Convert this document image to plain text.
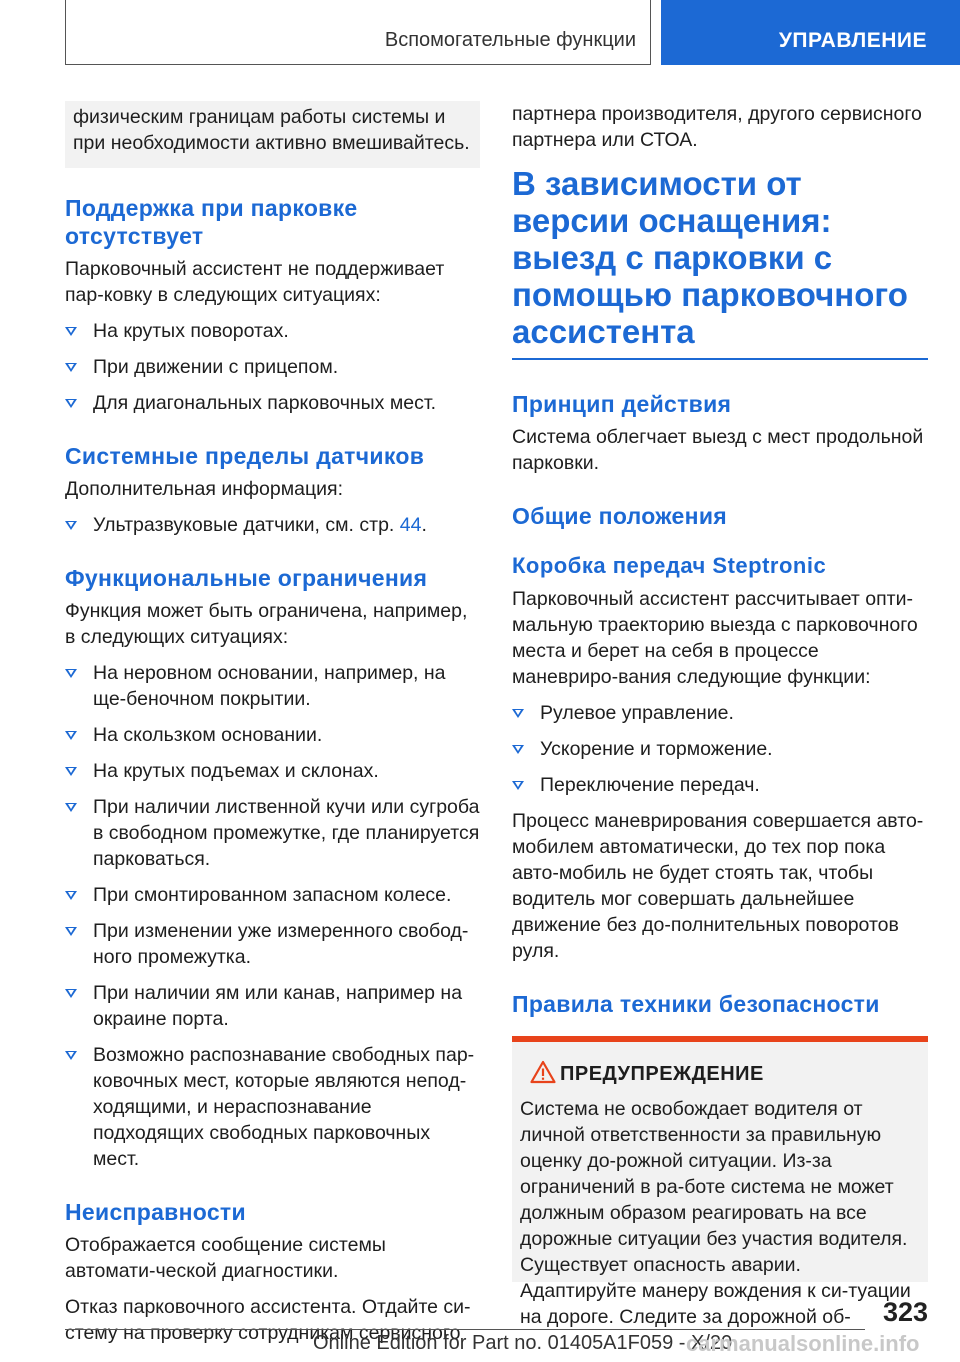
Вспомогательные функции	УПРАВЛЕНИЕ

физическим границам работы системы и при необходимости активно вмешивайтесь.

Поддержка при парковке отсутствует

Парковочный ассистент не поддерживает пар-ковку в следующих ситуациях:

На крутых поворотах.
При движении с прицепом.
Для диагональных парковочных мест.
Системные пределы датчиков

Дополнительная информация:

Ультразвуковые датчики, см. стр. 44.
Функциональные ограничения

Функция может быть ограничена, например, в следующих ситуациях:

На неровном основании, например, на ще-беночном покрытии.
На скользком основании.
На крутых подъемах и склонах.
При наличии лиственной кучи или сугроба в свободном промежутке, где планируется парковаться.
При смонтированном запасном колесе.
При изменении уже измеренного свобод-ного промежутка.
При наличии ям или канав, например на окраине порта.
Возможно распознавание свободных пар-ковочных мест, которые являются непод-ходящими, и нераспознавание подходящих свободных парковочных мест.
Неисправности

Отображается сообщение системы автомати-ческой диагностики.

Отказ парковочного ассистента. Отдайте си-стему на проверку сотрудникам сервисного

партнера производителя, другого сервисного партнера или СТОА.

В зависимости от версии оснащения: выезд с парковки с помощью парковочного ассистента
Принцип действия

Система облегчает выезд с мест продольной парковки.

Общие положения
Коробка передач Steptronic

Парковочный ассистент рассчитывает опти-мальную траекторию выезда с парковочного места и берет на себя в процессе маневриро-вания следующие функции:

Рулевое управление.
Ускорение и торможение.
Переключение передач.

Процесс маневрирования совершается авто-мобилем автоматически, до тех пор пока авто-мобиль не будет стоять так, чтобы водитель мог совершать дальнейшее движение без до-полнительных поворотов руля.

Правила техники безопасности
ПРЕДУПРЕЖДЕНИЕ

Система не освобождает водителя от личной ответственности за правильную оценку до-рожной ситуации. Из-за ограничений в ра-боте система не может должным образом реагировать на все дорожные ситуации без участия водителя. Существует опасность аварии. Адаптируйте манеру вождения к си-туации на дороге. Следите за дорожной об-	323
Online Edition for Part no. 01405A1F059 - X/20
carmanualsonline.info
